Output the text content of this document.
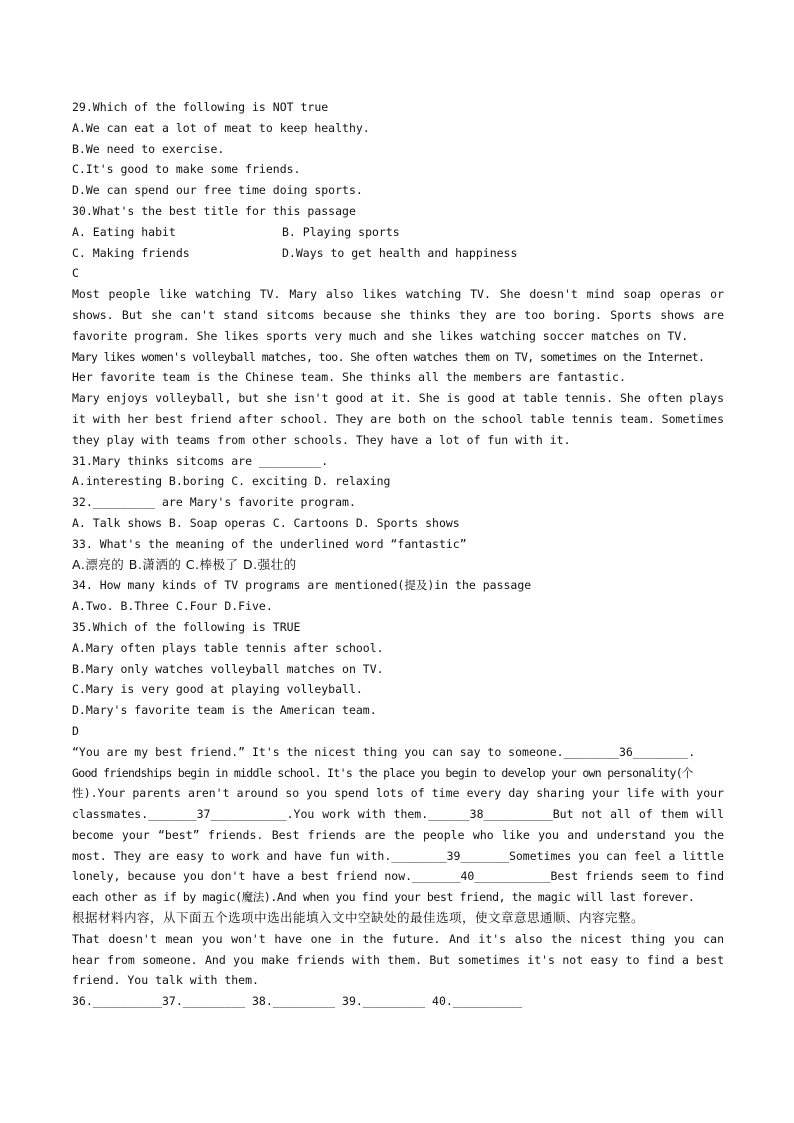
29.Which of the following is NOT true
A.We can eat a lot of meat to keep healthy.
B.We need to exercise.
C.It's good to make some friends.
D.We can spend our free time doing sports.
30.What's the best title for this passage
A. Eating habit	B. Playing sports
C. Making friends	D.Ways to get health and happiness
C
Most people like watching TV. Mary also likes watching TV. She doesn't mind soap operas or
shows. But she can't stand sitcoms because she thinks they are too boring. Sports shows are
favorite program. She likes sports very much and she likes watching soccer matches on TV.
Mary likes women's volleyball matches, too. She often watches them on TV, sometimes on the Internet.
Her favorite team is the Chinese team. She thinks all the members are fantastic.
Mary enjoys volleyball, but she isn't good at it. She is good at table tennis. She often plays
it with her best friend after school. They are both on the school table tennis team. Sometimes
they play with teams from other schools. They have a lot of fun with it.
31.Mary thinks sitcoms are _________.
A.interesting B.boring C. exciting D. relaxing
32._________ are Mary's favorite program.
A. Talk shows B. Soap operas C. Cartoons D. Sports shows
33. What's the meaning of the underlined word “fantastic”
A.漂亮的 B.潇洒的 C.棒极了 D.强壮的
34. How many kinds of TV programs are mentioned(提及)in the passage
A.Two. B.Three C.Four D.Five.
35.Which of the following is TRUE
A.Mary often plays table tennis after school.
B.Mary only watches volleyball matches on TV.
C.Mary is very good at playing volleyball.
D.Mary's favorite team is the American team.
D
“You are my best friend.” It's the nicest thing you can say to someone.________36________.
Good friendships begin in middle school. It's the place you begin to develop your own personality(个
性).Your parents aren't around so you spend lots of time every day sharing your life with your
classmates._______37___________.You work with them.______38__________But not all of them will
become your “best” friends. Best friends are the people who like you and understand you the
most. They are easy to work and have fun with.________39_______Sometimes you can feel a little
lonely, because you don't have a best friend now._______40___________Best friends seem to find
each other as if by magic(魔法).And when you find your best friend, the magic will last forever.
根据材料内容，从下面五个选项中选出能填入文中空缺处的最佳选项，使文章意思通顺、内容完整。
That doesn't mean you won't have one in the future. And it's also the nicest thing you can
hear from someone. And you make friends with them. But sometimes it's not easy to find a best
friend. You talk with them.
36.__________37._________ 38._________ 39._________ 40.__________
